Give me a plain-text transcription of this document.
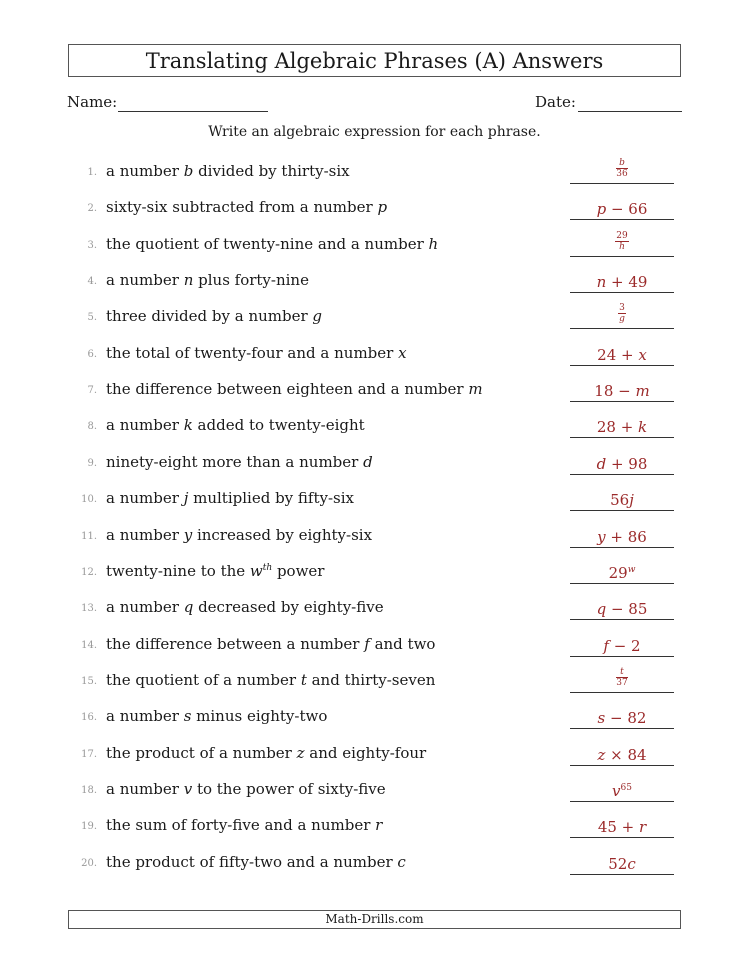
Translating Algebraic Phrases (A) Answers
Name:	Date:
Write an algebraic expression for each phrase.
1. a number b divided by thirty-six	$\frac{b}{36}$
2. sixty-six subtracted from a number p	p − 66
3. the quotient of twenty-nine and a number h	$\frac{29}{h}$
4. a number n plus forty-nine	n + 49
5. three divided by a number g	$\frac{3}{g}$
6. the total of twenty-four and a number x	24 + x
7. the difference between eighteen and a number m	18 − m
8. a number k added to twenty-eight	28 + k
9. ninety-eight more than a number d	d + 98
10. a number j multiplied by fifty-six	56j
11. a number y increased by eighty-six	y + 86
12. twenty-nine to the $w^{th}$ power	29$^w$
13. a number q decreased by eighty-five	q − 85
14. the difference between a number f and two	f − 2
15. the quotient of a number t and thirty-seven	$\frac{t}{37}$
16. a number s minus eighty-two	s − 82
17. the product of a number z and eighty-four	z × 84
18. a number v to the power of sixty-five	$v^{65}$
19. the sum of forty-five and a number r	45 + r
20. the product of fifty-two and a number c	52c
Math-Drills.com
